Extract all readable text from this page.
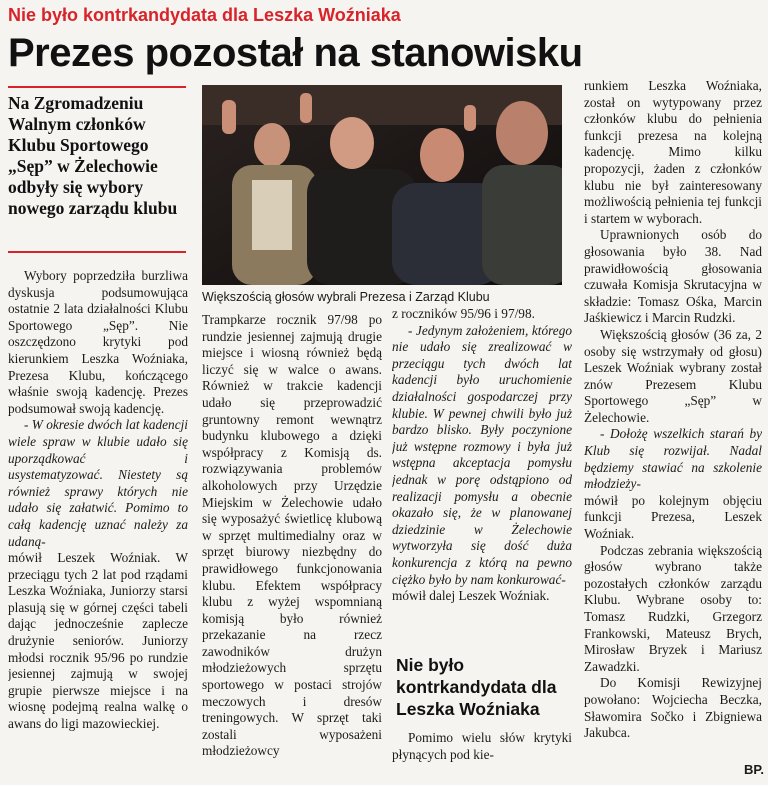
Nie było kontrkandydata dla Leszka Woźniaka
Prezes pozostał na stanowisku
Na Zgromadzeniu Walnym członków Klubu Sportowego „Sęp” w Żelechowie odbyły się wybory nowego zarządu klubu
Większością głosów wybrali Prezesa i Zarząd Klubu

Wybory poprzedziła burzliwa dyskusja podsumowująca ostatnie 2 lata działalności Klubu Sportowego „Sęp”. Nie oszczędzono krytyki pod kierunkiem Leszka Woźniaka, Prezesa Klubu, kończącego właśnie swoją kadencję. Prezes podsumował swoją kadencję.

- W okresie dwóch lat kadencji wiele spraw w klubie udało się uporządkować i usystematyzować. Niestety są również sprawy których nie udało się załatwić. Pomimo to całą kadencję uznać należy za udaną-

mówił Leszek Woźniak. W przeciągu tych 2 lat pod rządami Leszka Woźniaka, Juniorzy starsi plasują się w górnej części tabeli dając jednocześnie zaplecze drużynie seniorów. Juniorzy młodsi rocznik 95/96 po rundzie jesiennej zajmują w swojej grupie pierwsze miejsce i na wiosnę podejmą realna walkę o awans do ligi mazowieckiej.

Trampkarze rocznik 97/98 po rundzie jesiennej zajmują drugie miejsce i wiosną również będą liczyć się w walce o awans. Również w trakcie kadencji udało się przeprowadzić gruntowny remont wewnątrz budynku klubowego a dzięki współpracy z Komisją ds. rozwiązywania problemów alkoholowych przy Urzędzie Miejskim w Żelechowie udało się wyposażyć świetlicę klubową w sprzęt multimedialny oraz w sprzęt biurowy niezbędny do prawidłowego funkcjonowania klubu. Efektem współpracy klubu z wyżej wspomnianą komisją było również przekazanie na rzecz zawodników drużyn młodzieżowych sprzętu sportowego w postaci strojów meczowych i dresów treningowych. W sprzęt taki zostali wyposażeni młodzieżowcy

z roczników 95/96 i 97/98.

- Jedynym założeniem, którego nie udało się zrealizować w przeciągu tych dwóch lat kadencji było uruchomienie działalności gospodarczej przy klubie. W pewnej chwili było już bardzo blisko. Były poczynione już wstępne rozmowy i była już wstępna akceptacja pomysłu jednak w porę odstąpiono od realizacji pomysłu a obecnie okazało się, że w planowanej dziedzinie w Żelechowie wytworzyła się dość duża konkurencja z którą na pewno ciężko było by nam konkurować-

mówił dalej Leszek Woźniak.

Nie było kontrkandydata dla Leszka Woźniaka

Pomimo wielu słów krytyki płynących pod kie-

runkiem Leszka Woźniaka, został on wytypowany przez członków klubu do pełnienia funkcji prezesa na kolejną kadencję. Mimo kilku propozycji, żaden z członków klubu nie był zainteresowany możliwością pełnienia tej funkcji i startem w wyborach.

Uprawnionych osób do głosowania było 38. Nad prawidłowością głosowania czuwała Komisja Skrutacyjna w składzie: Tomasz Ośka, Marcin Jaśkiewicz i Marcin Rudzki.

Większością głosów (36 za, 2 osoby się wstrzymały od głosu) Leszek Woźniak wybrany został znów Prezesem Klubu Sportowego „Sęp” w Żelechowie.

- Dołożę wszelkich starań by Klub się rozwijał. Nadal będziemy stawiać na szkolenie młodzieży-

mówił po kolejnym objęciu funkcji Prezesa, Leszek Woźniak.

Podczas zebrania większością głosów wybrano także pozostałych członków zarządu Klubu. Wybrane osoby to: Tomasz Rudzki, Grzegorz Frankowski, Mateusz Brych, Mirosław Bryzek i Mariusz Zawadzki.

Do Komisji Rewizyjnej powołano: Wojciecha Beczka, Sławomira Sočko i Zbigniewa Jakubca.

BP.
